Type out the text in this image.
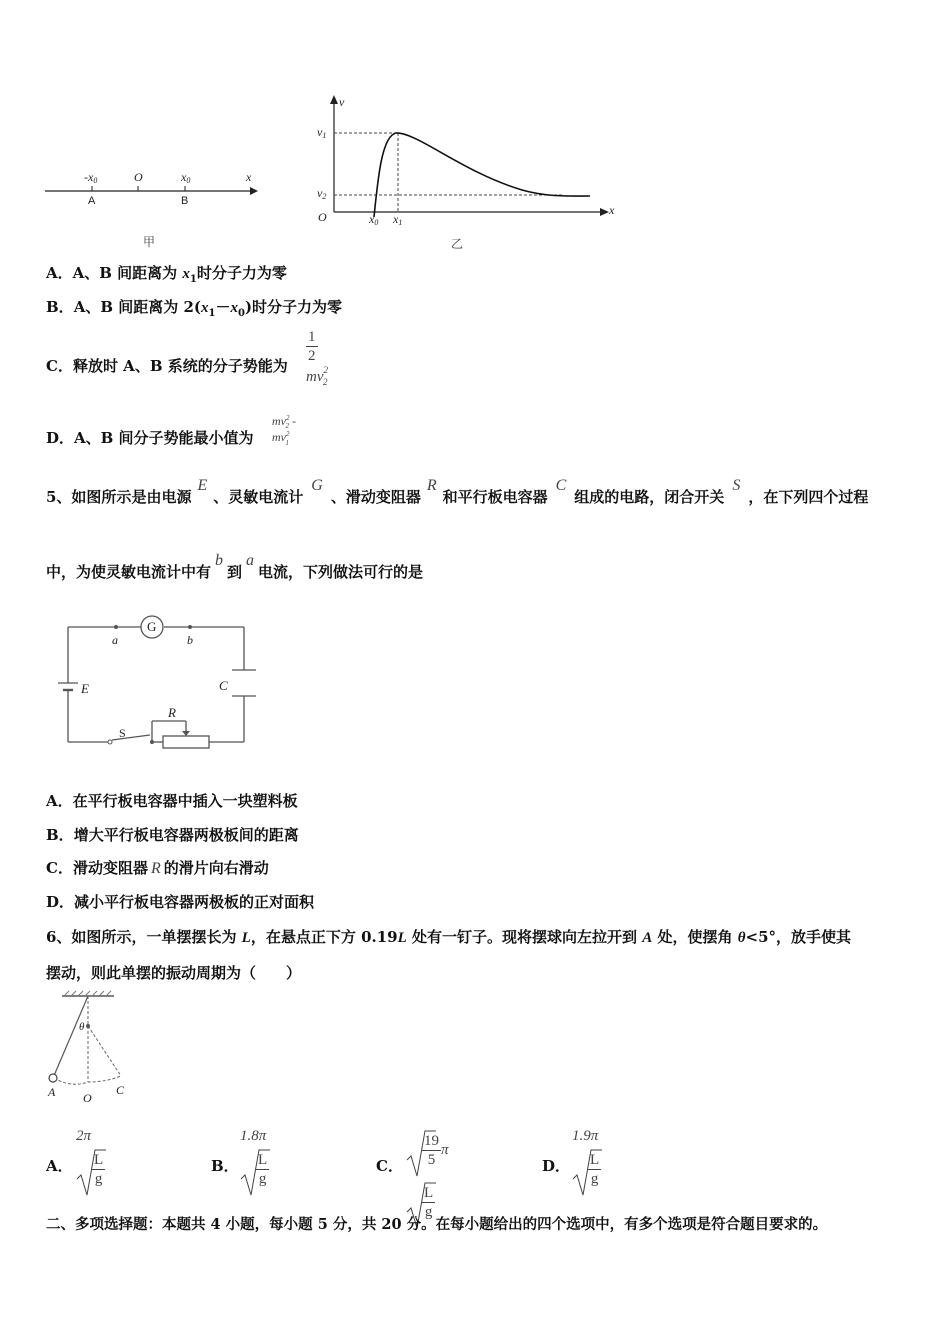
-x0	O	x0	x
A	B
甲
v
v1
v2
O	x0 x1
x
乙
A．A、B 间距离为 $x_1$时分子力为零
B．A、B 间距离为 $2(x_1-x_0)$时分子力为零
C．释放时 A、B 系统的分子势能为
$\frac{1}{2}$
$mv^2_2$
D．A、B 间分子势能最小值为
$mv^2_2 - mv^2_1$
5、如图所示是由电源E、灵敏电流计G、滑动变阻器R和平行板电容器C组成的电路，闭合开关S，在下列四个过程
中，为使灵敏电流计中有b到a电流，下列做法可行的是
G
a	b
E	C
S
R
A．在平行板电容器中插入一块塑料板
B．增大平行板电容器两极板间的距离
C．滑动变阻器 R 的滑片向右滑动
D．减小平行板电容器两极板的正对面积
6、如图所示，一单摆摆长为 L，在悬点正下方 0.19L 处有一钉子。现将摆球向左拉开到 A 处，使摆角 θ<5°，放手使其
摆动，则此单摆的振动周期为（　　）
θ
A O
C
A．
2π
$\frac{L}{g}$	B．
1.8π
$\frac{L}{g}$	C． $\frac{19}{5}$ π
$\frac{L}{g}$
D．
1.9π
$\frac{L}{g}$
二、多项选择题：本题共 4 小题，每小题 5 分，共 20 分。在每小题给出的四个选项中，有多个选项是符合题目要求的。
